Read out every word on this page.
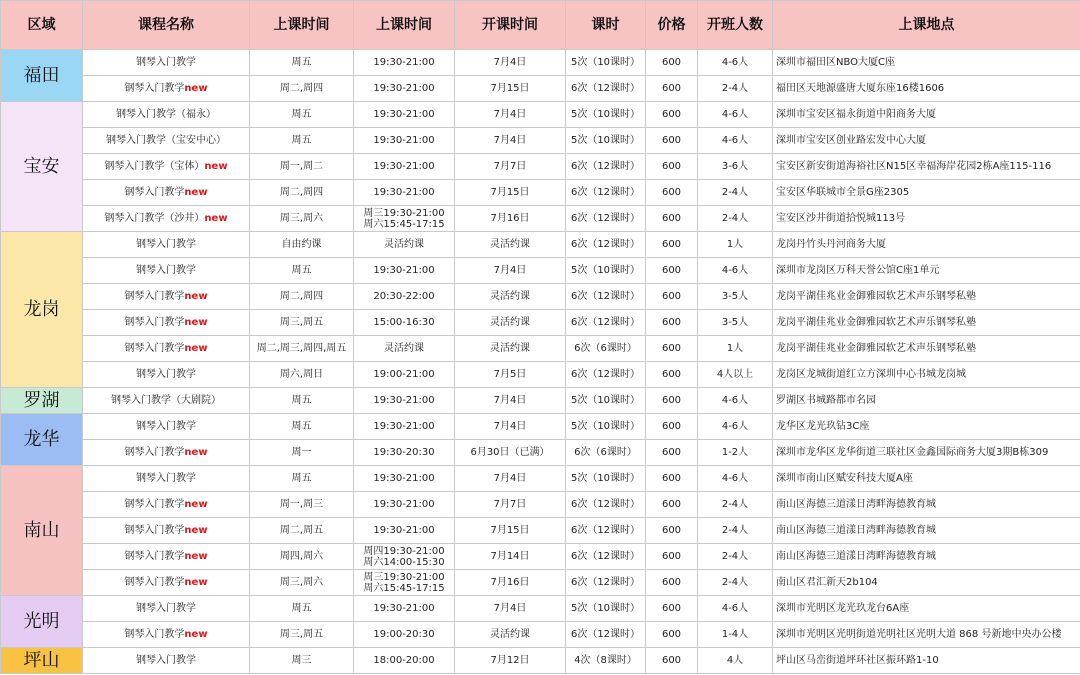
区域	课程名称	上课时间	上课时间	开课时间	课时	价格	开班人数	上课地点
福田	钢琴入门教学	周五	19:30-21:00	7月4日	5次（10课时）	600	4-6人	深圳市福田区NBO大厦C座
	钢琴入门教学new	周二,周四	19:30-21:00	7月15日	6次（12课时）	600	2-4人	福田区天地源盛唐大厦东座16楼1606
宝安	钢琴入门教学（福永）	周五	19:30-21:00	7月4日	5次（10课时）	600	4-6人	深圳市宝安区福永街道中阳商务大厦
	钢琴入门教学（宝安中心）	周五	19:30-21:00	7月4日	5次（10课时）	600	4-6人	深圳市宝安区创业路宏发中心大厦
	钢琴入门教学（宝体）new	周一,周二	19:30-21:00	7月7日	6次（12课时）	600	3-6人	宝安区新安街道海裕社区N15区幸福海岸花园2栋A座115-116
	钢琴入门教学new	周二,周四	19:30-21:00	7月15日	6次（12课时）	600	2-4人	宝安区华联城市全景G座2305
	钢琴入门教学（沙井）new	周三,周六	周三19:30-21:00
周六15:45-17:15	7月16日	6次（12课时）	600	2-4人	宝安区沙井街道拾悦城113号
龙岗	钢琴入门教学	自由约课	灵活约课	灵活约课	6次（12课时）	600	1人	龙岗丹竹头丹河商务大厦
	钢琴入门教学	周五	19:30-21:00	7月4日	5次（10课时）	600	4-6人	深圳市龙岗区万科天誉公馆C座1单元
	钢琴入门教学new	周二,周四	20:30-22:00	灵活约课	6次（12课时）	600	3-5人	龙岗平湖佳兆业金御雅园软艺术声乐钢琴私塾
	钢琴入门教学new	周三,周五	15:00-16:30	灵活约课	6次（12课时）	600	3-5人	龙岗平湖佳兆业金御雅园软艺术声乐钢琴私塾
	钢琴入门教学new	周二,周三,周四,周五	灵活约课	灵活约课	6次（6课时）	600	1人	龙岗平湖佳兆业金御雅园软艺术声乐钢琴私塾
	钢琴入门教学	周六,周日	19:00-21:00	7月5日	6次（12课时）	600	4人以上	龙岗区龙城街道红立方深圳中心书城龙岗城
罗湖	钢琴入门教学（大剧院）	周五	19:30-21:00	7月4日	5次（10课时）	600	4-6人	罗湖区书城路都市名园
龙华	钢琴入门教学	周五	19:30-21:00	7月4日	5次（10课时）	600	4-6人	龙华区龙光玖钻3C座
	钢琴入门教学new	周一	19:30-20:30	6月30日（已满）	6次（6课时）	600	1-2人	深圳市龙华区龙华街道三联社区金鑫国际商务大厦3期B栋309
南山	钢琴入门教学	周五	19:30-21:00	7月4日	5次（10课时）	600	4-6人	深圳市南山区赋安科技大厦A座
	钢琴入门教学new	周一,周三	19:30-21:00	7月7日	6次（12课时）	600	2-4人	南山区海德三道漾日湾畔海德教育城
	钢琴入门教学new	周二,周五	19:30-21:00	7月15日	6次（12课时）	600	2-4人	南山区海德三道漾日湾畔海德教育城
	钢琴入门教学new	周四,周六	周四19:30-21:00
周六14:00-15:30	7月14日	6次（12课时）	600	2-4人	南山区海德三道漾日湾畔海德教育城
	钢琴入门教学new	周三,周六	周三19:30-21:00
周六15:45-17:15	7月16日	6次（12课时）	600	2-4人	南山区君汇新天2b104
光明	钢琴入门教学	周五	19:30-21:00	7月4日	5次（10课时）	600	4-6人	深圳市光明区龙光玖龙台6A座
	钢琴入门教学new	周三,周五	19:00-20:30	灵活约课	6次（12课时）	600	1-4人	深圳市光明区光明街道光明社区光明大道 868 号新地中央办公楼
坪山	钢琴入门教学	周三	18:00-20:00	7月12日	4次（8课时）	600	4人	坪山区马峦街道坪环社区振环路1-10
